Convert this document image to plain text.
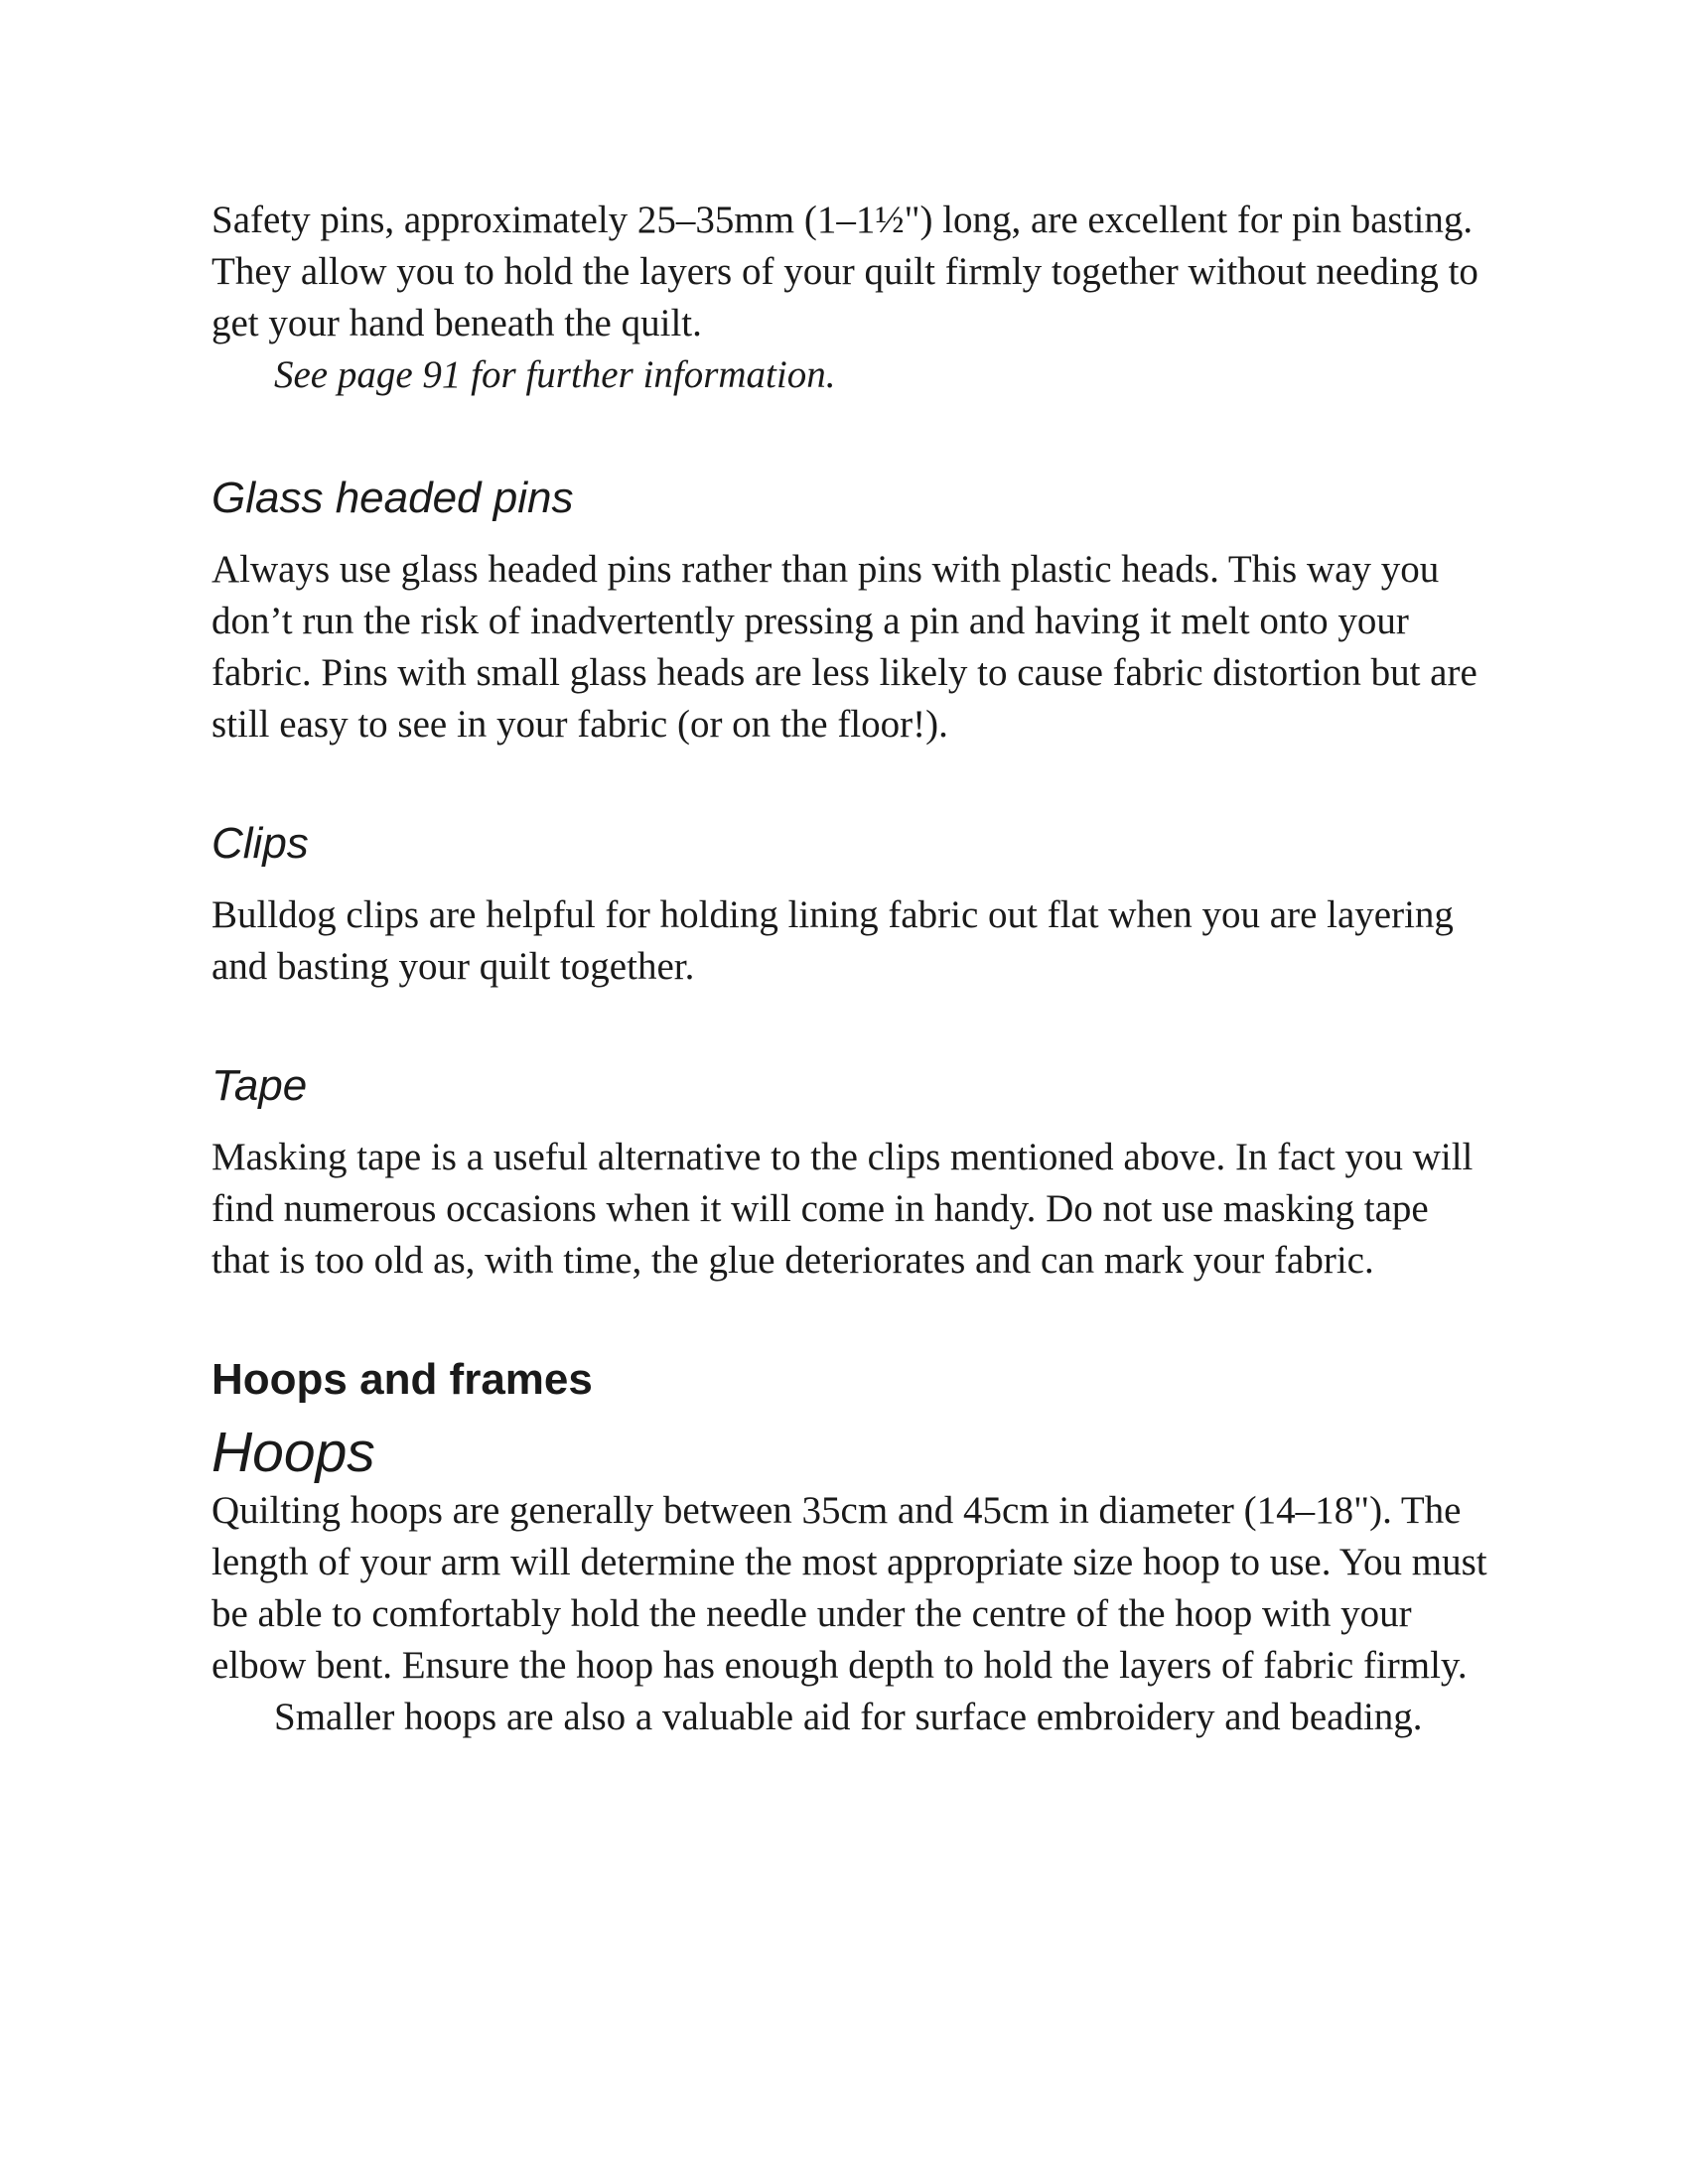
Safety pins, approximately 25–35mm (1–1½") long, are excellent for pin basting. They allow you to hold the layers of your quilt firmly together without needing to get your hand beneath the quilt.

See page 91 for further information.

Glass headed pins

Always use glass headed pins rather than pins with plastic heads. This way you don’t run the risk of inadvertently pressing a pin and having it melt onto your fabric. Pins with small glass heads are less likely to cause fabric distortion but are still easy to see in your fabric (or on the floor!).

Clips

Bulldog clips are helpful for holding lining fabric out flat when you are layering and basting your quilt together.

Tape

Masking tape is a useful alternative to the clips mentioned above. In fact you will find numerous occasions when it will come in handy. Do not use masking tape that is too old as, with time, the glue deteriorates and can mark your fabric.

Hoops and frames
Hoops

Quilting hoops are generally between 35cm and 45cm in diameter (14–18"). The length of your arm will determine the most appropriate size hoop to use. You must be able to comfortably hold the needle under the centre of the hoop with your elbow bent. Ensure the hoop has enough depth to hold the layers of fabric firmly.

Smaller hoops are also a valuable aid for surface embroidery and beading.
